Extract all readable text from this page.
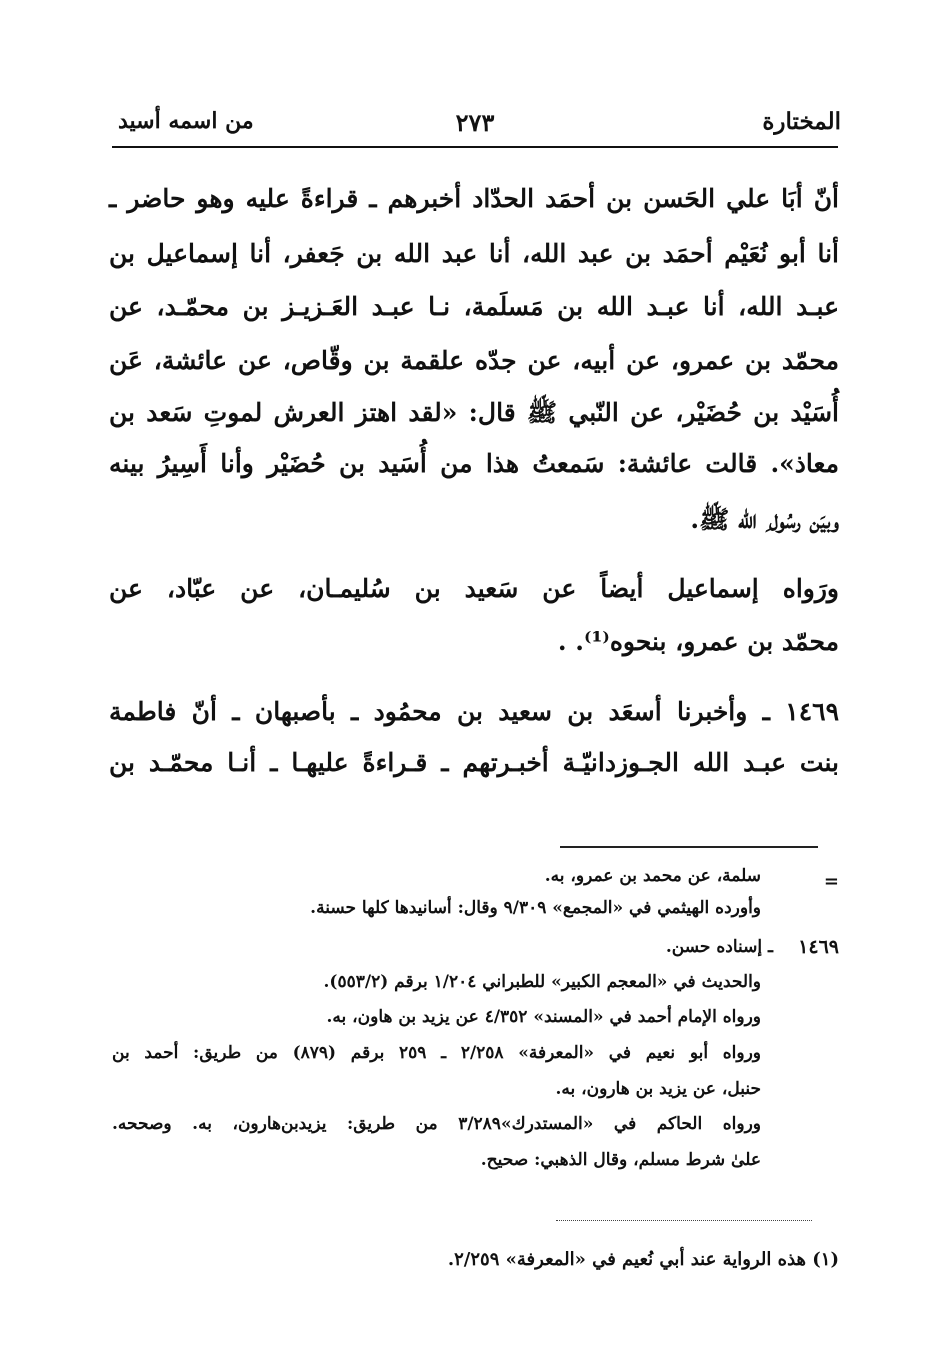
المختارة
٢٧٣
من اسمه أسيد
أنّ أبَا علي الحَسن بن أحمَد الحدّاد أخبرهم ـ قراءةً عليه وهو حاضر ـ
أنا أبو نُعَيْم أحمَد بن عبد الله، أنا عبد الله بن جَعفر، أنا إسماعيل بن
عبـد الله، أنا عبـد الله بن مَسلَمة، نـا عبـد العَـزيـز بن محمّـد، عن
محمّد بن عمرو، عن أبيه، عن جدّه علقمة بن وقّاص، عن عائشة، عَن
أُسَيْد بن حُضَيْر، عن النّبي ﷺ قال: «لقد اهتز العرش لموتِ سَعد بن
معاذ». قالت عائشة: سَمعتُ هذا من أُسَيد بن حُضَيْر وأنا أَسِيرُ بينه
وبيَن رسُول ِ الله ﷺ.
ورَواه إسماعيل أيضاً عن سَعيد بن سُليمـان، عن عبّاد، عن
محمّد بن عمرو، بنحوه⁽¹⁾. .
١٤٦٩ ـ وأخبرنا أسعَد بن سعيد بن محمُود ـ بأصبهان ـ أنّ فاطمة
بنت عبـد الله الجـوزدانيّـة أخبـرتهم ـ قـراءةً عليهـا ـ أنـا محمّـد بن
=
سلمة، عن محمد بن عمرو، به.
وأورده الهيثمي في «المجمع» ٩/٣٠٩ وقال: أسانيدها كلها حسنة.
١٤٦٩
ـ إسناده حسن.
والحديث في «المعجم الكبير» للطبراني ١/٢٠٤ برقم (٥٥٣/٢).
ورواه الإمام أحمد في «المسند» ٤/٣٥٢ عن يزيد بن هاون، به.
ورواه أبو نعيم في «المعرفة» ٢/٢٥٨ ـ ٢٥٩ برقم (٨٧٩) من طريق: أحمد بن
حنبل، عن يزيد بن هارون، به.
ورواه الحاكم في «المستدرك»٣/٢٨٩ من طريق: يزيدبن‌هارون، به. وصححه.
علىٰ شرط مسلم، وقال الذهبي: صحيح.
(١) هذه الرواية عند أبي نُعيم في «المعرفة» ٢/٢٥٩.
